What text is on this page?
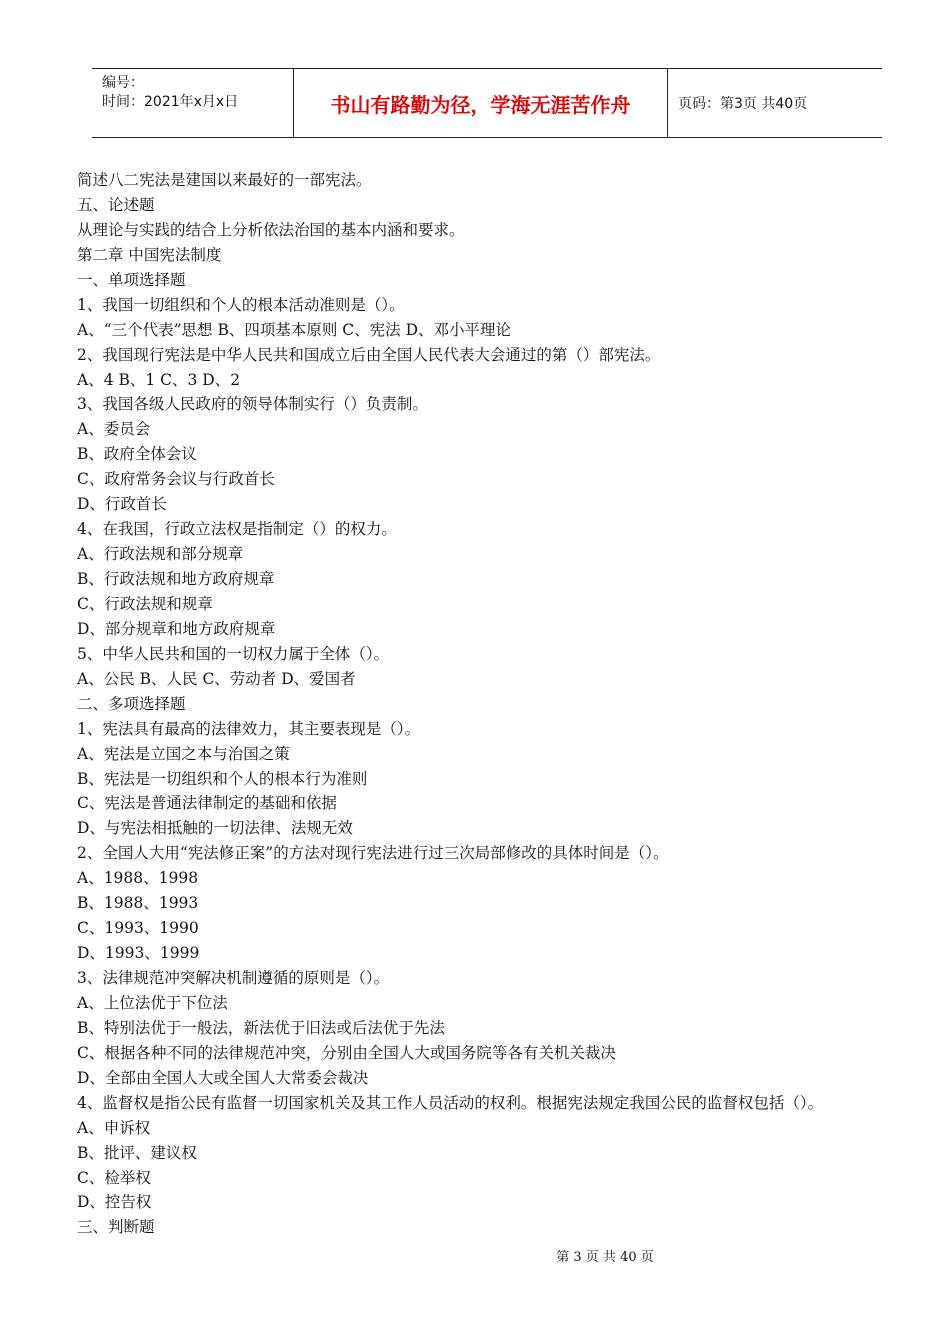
编号：
时间：2021年x月x日	书山有路勤为径，学海无涯苦作舟	页码：第3页 共40页
简述八二宪法是建国以来最好的一部宪法。
五、论述题
从理论与实践的结合上分析依法治国的基本内涵和要求。
第二章 中国宪法制度
一、单项选择题
1、我国一切组织和个人的根本活动准则是（）。
A、“三个代表”思想 B、四项基本原则 C、宪法 D、邓小平理论
2、我国现行宪法是中华人民共和国成立后由全国人民代表大会通过的第（）部宪法。
A、4 B、1 C、3 D、2
3、我国各级人民政府的领导体制实行（）负责制。
A、委员会
B、政府全体会议
C、政府常务会议与行政首长
D、行政首长
4、在我国，行政立法权是指制定（）的权力。
A、行政法规和部分规章
B、行政法规和地方政府规章
C、行政法规和规章
D、部分规章和地方政府规章
5、中华人民共和国的一切权力属于全体（）。
A、公民 B、人民 C、劳动者 D、爱国者
二、多项选择题
1、宪法具有最高的法律效力，其主要表现是（）。
A、宪法是立国之本与治国之策
B、宪法是一切组织和个人的根本行为准则
C、宪法是普通法律制定的基础和依据
D、与宪法相抵触的一切法律、法规无效
2、全国人大用“宪法修正案”的方法对现行宪法进行过三次局部修改的具体时间是（）。
A、1988、1998
B、1988、1993
C、1993、1990
D、1993、1999
3、法律规范冲突解决机制遵循的原则是（）。
A、上位法优于下位法
B、特别法优于一般法，新法优于旧法或后法优于先法
C、根据各种不同的法律规范冲突，分别由全国人大或国务院等各有关机关裁决
D、全部由全国人大或全国人大常委会裁决
4、监督权是指公民有监督一切国家机关及其工作人员活动的权利。根据宪法规定我国公民的监督权包括（）。
A、申诉权
B、批评、建议权
C、检举权
D、控告权
三、判断题
第 3 页 共 40 页
